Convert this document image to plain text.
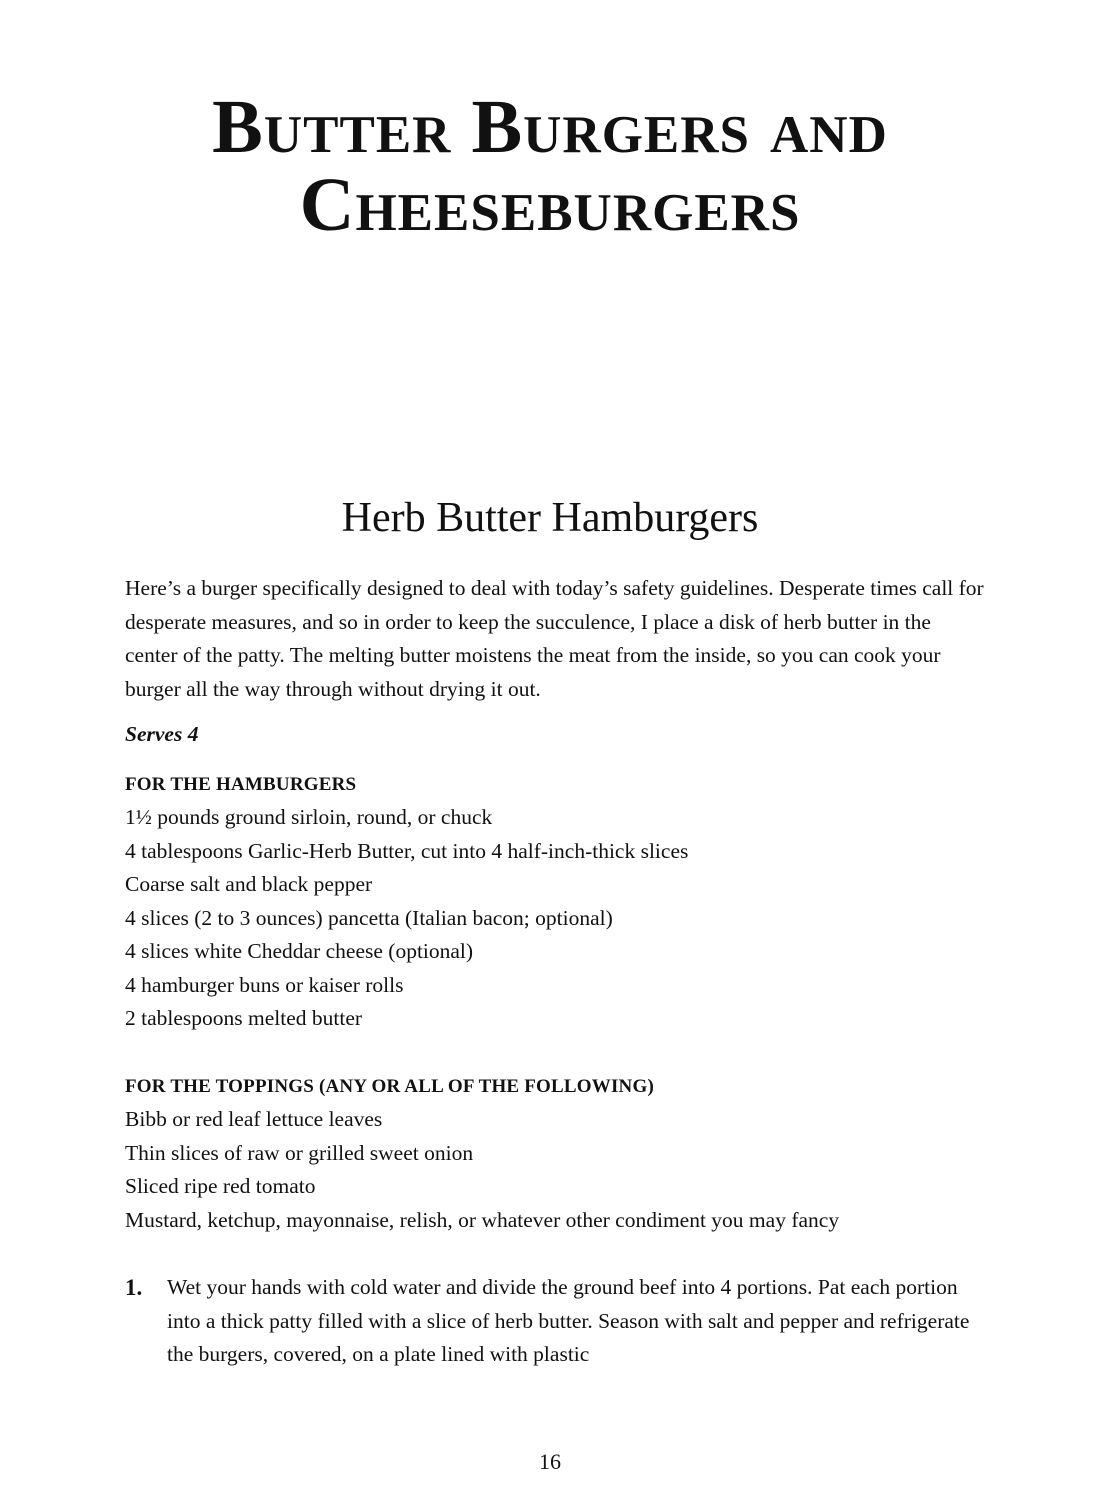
Butter Burgers and
Cheeseburgers
Herb Butter Hamburgers

Here’s a burger specifically designed to deal with today’s safety guidelines. Desperate times call for desperate measures, and so in order to keep the succulence, I place a disk of herb butter in the center of the patty. The melting butter moistens the meat from the inside, so you can cook your burger all the way through without drying it out.

Serves 4

FOR THE HAMBURGERS
1½ pounds ground sirloin, round, or chuck
4 tablespoons Garlic-Herb Butter, cut into 4 half-inch-thick slices
Coarse salt and black pepper
4 slices (2 to 3 ounces) pancetta (Italian bacon; optional)
4 slices white Cheddar cheese (optional)
4 hamburger buns or kaiser rolls
2 tablespoons melted butter
FOR THE TOPPINGS (ANY OR ALL OF THE FOLLOWING)
Bibb or red leaf lettuce leaves
Thin slices of raw or grilled sweet onion
Sliced ripe red tomato
Mustard, ketchup, mayonnaise, relish, or whatever other condiment you may fancy
1. Wet your hands with cold water and divide the ground beef into 4 portions. Pat each portion into a thick patty filled with a slice of herb butter. Season with salt and pepper and refrigerate the burgers, covered, on a plate lined with plastic
16
